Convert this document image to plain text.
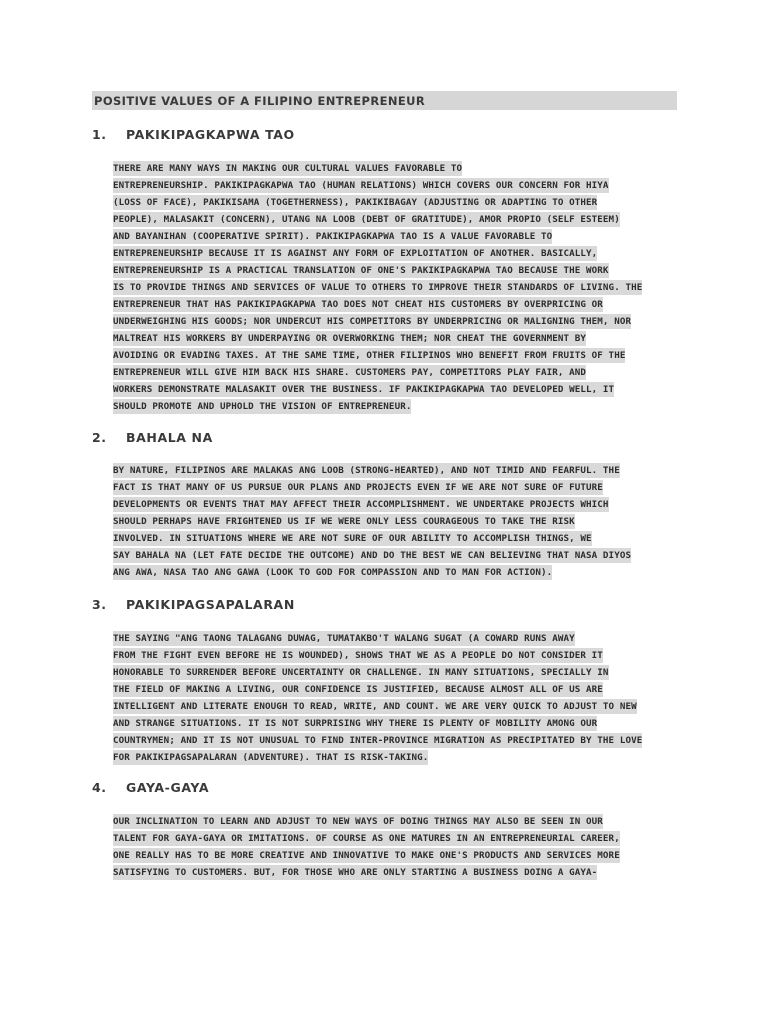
POSITIVE VALUES OF A FILIPINO ENTREPRENEUR
1. PAKIKIPAGKAPWA TAO

THERE ARE MANY WAYS IN MAKING OUR CULTURAL VALUES FAVORABLE TO

ENTREPRENEURSHIP. PAKIKIPAGKAPWA TAO (HUMAN RELATIONS) WHICH COVERS OUR CONCERN FOR HIYA

(LOSS OF FACE), PAKIKISAMA (TOGETHERNESS), PAKIKIBAGAY (ADJUSTING OR ADAPTING TO OTHER

PEOPLE), MALASAKIT (CONCERN), UTANG NA LOOB (DEBT OF GRATITUDE), AMOR PROPIO (SELF ESTEEM)

AND BAYANIHAN (COOPERATIVE SPIRIT). PAKIKIPAGKAPWA TAO IS A VALUE FAVORABLE TO

ENTREPRENEURSHIP BECAUSE IT IS AGAINST ANY FORM OF EXPLOITATION OF ANOTHER. BASICALLY,

ENTREPRENEURSHIP IS A PRACTICAL TRANSLATION OF ONE'S PAKIKIPAGKAPWA TAO BECAUSE THE WORK

IS TO PROVIDE THINGS AND SERVICES OF VALUE TO OTHERS TO IMPROVE THEIR STANDARDS OF LIVING. THE

ENTREPRENEUR THAT HAS PAKIKIPAGKAPWA TAO DOES NOT CHEAT HIS CUSTOMERS BY OVERPRICING OR

UNDERWEIGHING HIS GOODS; NOR UNDERCUT HIS COMPETITORS BY UNDERPRICING OR MALIGNING THEM, NOR

MALTREAT HIS WORKERS BY UNDERPAYING OR OVERWORKING THEM; NOR CHEAT THE GOVERNMENT BY

AVOIDING OR EVADING TAXES. AT THE SAME TIME, OTHER FILIPINOS WHO BENEFIT FROM FRUITS OF THE

ENTREPRENEUR WILL GIVE HIM BACK HIS SHARE. CUSTOMERS PAY, COMPETITORS PLAY FAIR, AND

WORKERS DEMONSTRATE MALASAKIT OVER THE BUSINESS. IF PAKIKIPAGKAPWA TAO DEVELOPED WELL, IT

SHOULD PROMOTE AND UPHOLD THE VISION OF ENTREPRENEUR.

2. BAHALA NA

BY NATURE, FILIPINOS ARE MALAKAS ANG LOOB (STRONG-HEARTED), AND NOT TIMID AND FEARFUL. THE

FACT IS THAT MANY OF US PURSUE OUR PLANS AND PROJECTS EVEN IF WE ARE NOT SURE OF FUTURE

DEVELOPMENTS OR EVENTS THAT MAY AFFECT THEIR ACCOMPLISHMENT. WE UNDERTAKE PROJECTS WHICH

SHOULD PERHAPS HAVE FRIGHTENED US IF WE WERE ONLY LESS COURAGEOUS TO TAKE THE RISK

INVOLVED. IN SITUATIONS WHERE WE ARE NOT SURE OF OUR ABILITY TO ACCOMPLISH THINGS, WE

SAY BAHALA NA (LET FATE DECIDE THE OUTCOME) AND DO THE BEST WE CAN BELIEVING THAT NASA DIYOS

ANG AWA, NASA TAO ANG GAWA (LOOK TO GOD FOR COMPASSION AND TO MAN FOR ACTION).

3. PAKIKIPAGSAPALARAN

THE SAYING "ANG TAONG TALAGANG DUWAG, TUMATAKBO'T WALANG SUGAT (A COWARD RUNS AWAY

FROM THE FIGHT EVEN BEFORE HE IS WOUNDED), SHOWS THAT WE AS A PEOPLE DO NOT CONSIDER IT

HONORABLE TO SURRENDER BEFORE UNCERTAINTY OR CHALLENGE. IN MANY SITUATIONS, SPECIALLY IN

THE FIELD OF MAKING A LIVING, OUR CONFIDENCE IS JUSTIFIED, BECAUSE ALMOST ALL OF US ARE

INTELLIGENT AND LITERATE ENOUGH TO READ, WRITE, AND COUNT. WE ARE VERY QUICK TO ADJUST TO NEW

AND STRANGE SITUATIONS. IT IS NOT SURPRISING WHY THERE IS PLENTY OF MOBILITY AMONG OUR

COUNTRYMEN; AND IT IS NOT UNUSUAL TO FIND INTER-PROVINCE MIGRATION AS PRECIPITATED BY THE LOVE

FOR PAKIKIPAGSAPALARAN (ADVENTURE). THAT IS RISK-TAKING.

4. GAYA-GAYA

OUR INCLINATION TO LEARN AND ADJUST TO NEW WAYS OF DOING THINGS MAY ALSO BE SEEN IN OUR

TALENT FOR GAYA-GAYA OR IMITATIONS. OF COURSE AS ONE MATURES IN AN ENTREPRENEURIAL CAREER,

ONE REALLY HAS TO BE MORE CREATIVE AND INNOVATIVE TO MAKE ONE'S PRODUCTS AND SERVICES MORE

SATISFYING TO CUSTOMERS. BUT, FOR THOSE WHO ARE ONLY STARTING A BUSINESS DOING A GAYA-
